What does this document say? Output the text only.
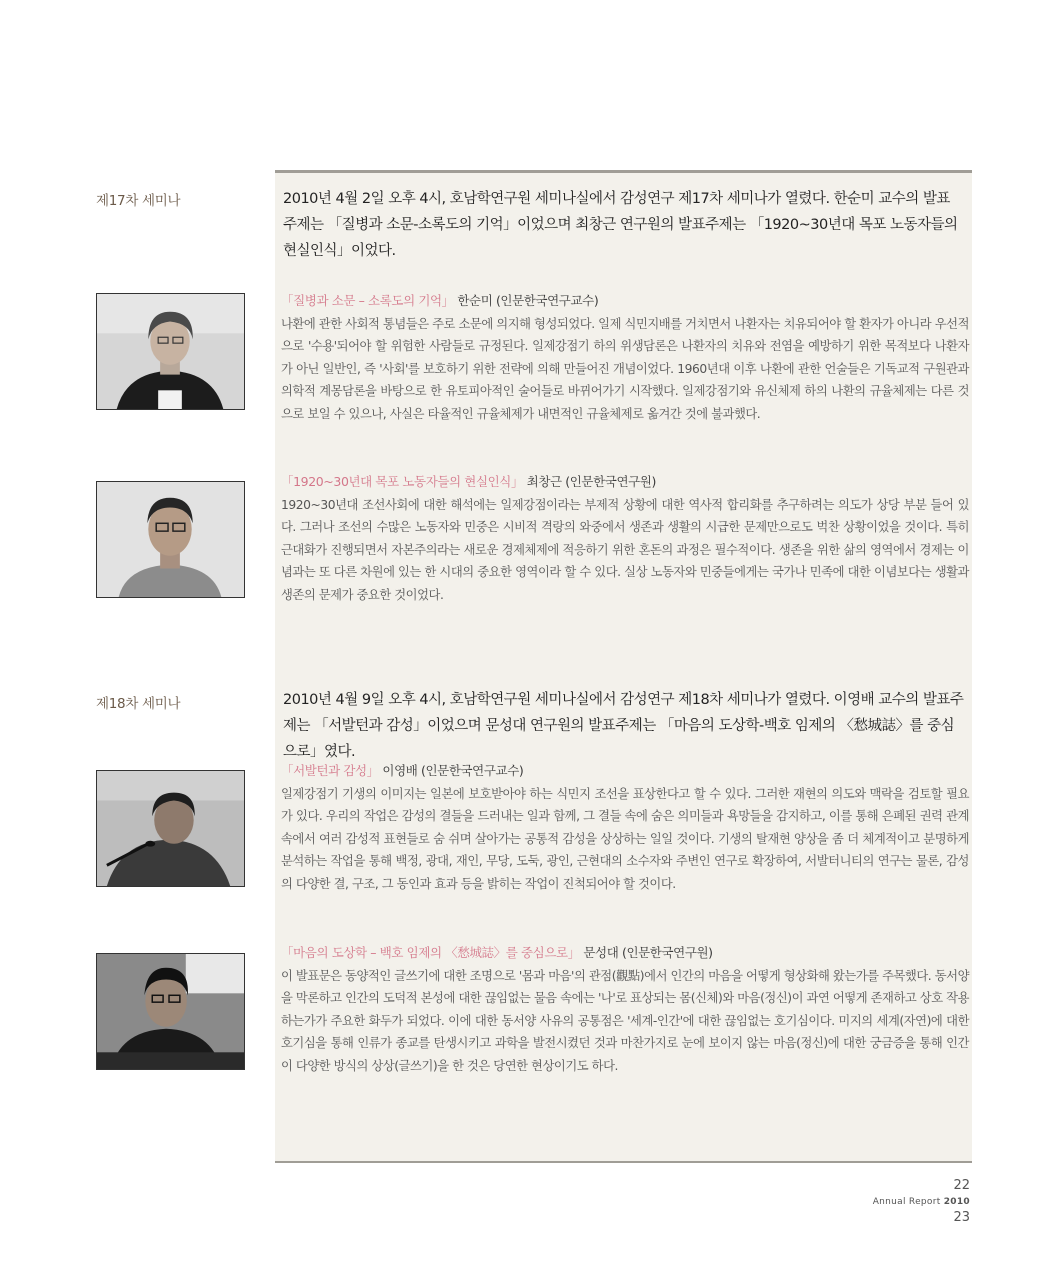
제17차 세미나	2010년 4월 2일 오후 4시, 호남학연구원 세미나실에서 감성연구 제17차 세미나가 열렸다. 한순미 교수의 발표 주제는 「질병과 소문-소록도의 기억」이었으며 최창근 연구원의 발표주제는 「1920~30년대 목포 노동자들의 현실인식」이었다.

「질병과 소문 – 소록도의 기억」 한순미 (인문한국연구교수)

나환에 관한 사회적 통념들은 주로 소문에 의지해 형성되었다. 일제 식민지배를 거치면서 나환자는 치유되어야 할 환자가 아니라 우선적으로 '수용'되어야 할 위험한 사람들로 규정된다. 일제강점기 하의 위생담론은 나환자의 치유와 전염을 예방하기 위한 목적보다 나환자가 아닌 일반인, 즉 '사회'를 보호하기 위한 전략에 의해 만들어진 개념이었다. 1960년대 이후 나환에 관한 언술들은 기독교적 구원관과 의학적 계몽담론을 바탕으로 한 유토피아적인 술어들로 바뀌어가기 시작했다. 일제강점기와 유신체제 하의 나환의 규율체제는 다른 것으로 보일 수 있으나, 사실은 타율적인 규율체제가 내면적인 규율체제로 옮겨간 것에 불과했다.

「1920~30년대 목포 노동자들의 현실인식」 최창근 (인문한국연구원)

1920~30년대 조선사회에 대한 해석에는 일제강점이라는 부제적 상황에 대한 역사적 합리화를 추구하려는 의도가 상당 부분 들어 있다. 그러나 조선의 수많은 노동자와 민중은 시비적 격랑의 와중에서 생존과 생활의 시급한 문제만으로도 벅찬 상황이었을 것이다. 특히 근대화가 진행되면서 자본주의라는 새로운 경제체제에 적응하기 위한 혼돈의 과정은 필수적이다. 생존을 위한 삶의 영역에서 경제는 이념과는 또 다른 차원에 있는 한 시대의 중요한 영역이라 할 수 있다. 실상 노동자와 민중들에게는 국가나 민족에 대한 이념보다는 생활과 생존의 문제가 중요한 것이었다.

제18차 세미나	2010년 4월 9일 오후 4시, 호남학연구원 세미나실에서 감성연구 제18차 세미나가 열렸다. 이영배 교수의 발표주제는 「서발턴과 감성」이었으며 문성대 연구원의 발표주제는 「마음의 도상학-백호 임제의 〈愁城誌〉를 중심으로」였다.

「서발턴과 감성」 이영배 (인문한국연구교수)

일제강점기 기생의 이미지는 일본에 보호받아야 하는 식민지 조선을 표상한다고 할 수 있다. 그러한 재현의 의도와 맥락을 검토할 필요가 있다. 우리의 작업은 감성의 결들을 드러내는 일과 함께, 그 결들 속에 숨은 의미들과 욕망들을 감지하고, 이를 통해 은폐된 권력 관계 속에서 여러 감성적 표현들로 숨 쉬며 살아가는 공통적 감성을 상상하는 일일 것이다. 기생의 탈재현 양상을 좀 더 체계적이고 분명하게 분석하는 작업을 통해 백정, 광대, 재인, 무당, 도둑, 광인, 근현대의 소수자와 주변인 연구로 확장하여, 서발터니티의 연구는 물론, 감성의 다양한 결, 구조, 그 동인과 효과 등을 밝히는 작업이 진척되어야 할 것이다.

「마음의 도상학 – 백호 임제의 〈愁城誌〉를 중심으로」 문성대 (인문한국연구원)

이 발표문은 동양적인 글쓰기에 대한 조명으로 '몸과 마음'의 관점(觀點)에서 인간의 마음을 어떻게 형상화해 왔는가를 주목했다. 동서양을 막론하고 인간의 도덕적 본성에 대한 끊임없는 물음 속에는 '나'로 표상되는 몸(신체)와 마음(정신)이 과연 어떻게 존재하고 상호 작용하는가가 주요한 화두가 되었다. 이에 대한 동서양 사유의 공통점은 '세계-인간'에 대한 끊임없는 호기심이다. 미지의 세계(자연)에 대한 호기심을 통해 인류가 종교를 탄생시키고 과학을 발전시켰던 것과 마찬가지로 눈에 보이지 않는 마음(정신)에 대한 궁금증을 통해 인간이 다양한 방식의 상상(글쓰기)을 한 것은 당연한 현상이기도 하다.

22
Annual Report 2010
23
